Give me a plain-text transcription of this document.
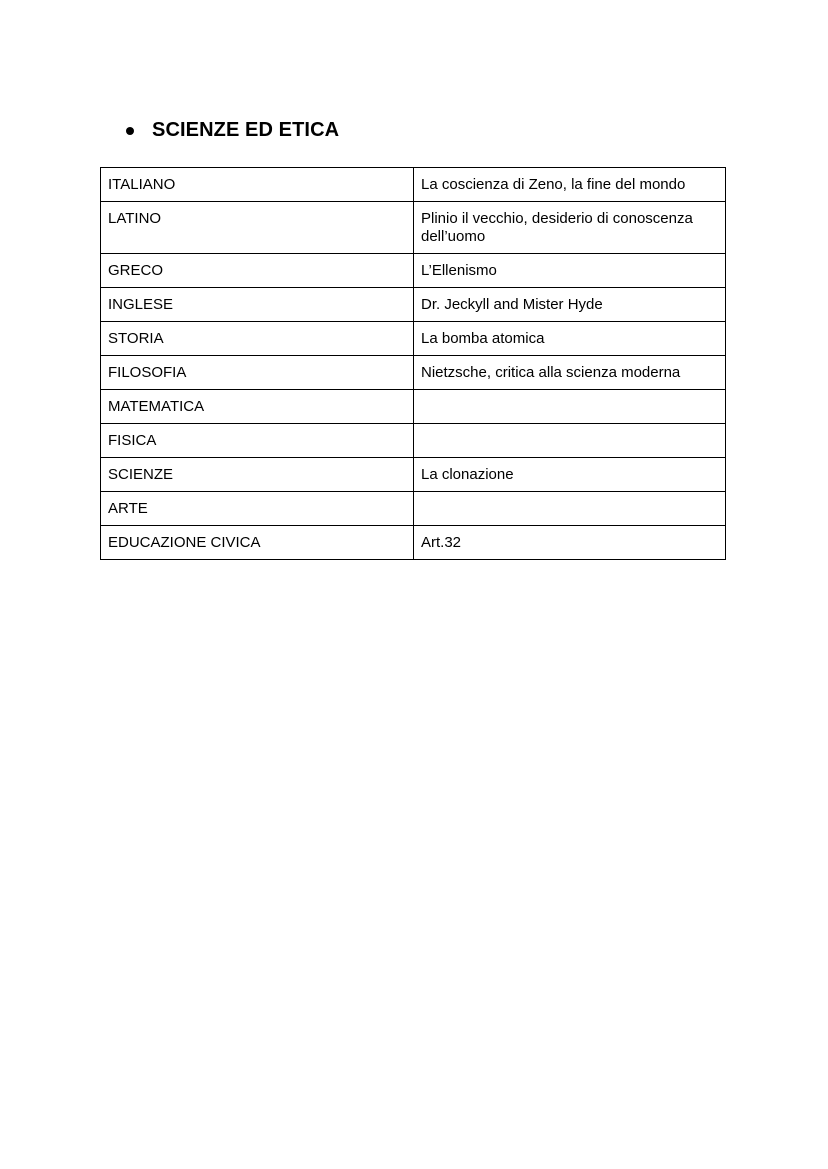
SCIENZE ED ETICA
ITALIANO	La coscienza di Zeno, la fine del mondo
LATINO	Plinio il vecchio, desiderio di conoscenza dell’uomo
GRECO	L’Ellenismo
INGLESE	Dr. Jeckyll and Mister Hyde
STORIA	La bomba atomica
FILOSOFIA	Nietzsche, critica alla scienza moderna
MATEMATICA	
FISICA	
SCIENZE	La clonazione
ARTE	
EDUCAZIONE CIVICA	Art.32
